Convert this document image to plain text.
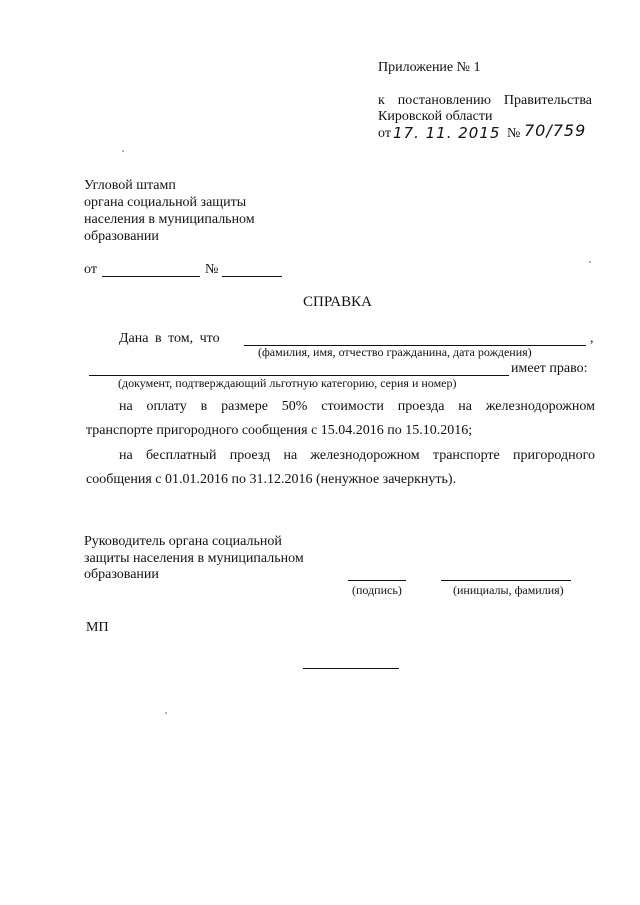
Приложение № 1
к постановлению Правительства
Кировской области
от 17. 11. 2015 № 70/759
Угловой штамп
органа социальной защиты
населения в муниципальном
образовании
от	№
СПРАВКА
Дана в том, что	,
(фамилия, имя, отчество гражданина, дата рождения)
имеет право:
(документ, подтверждающий льготную категорию, серия и номер)
на оплату в размере 50% стоимости проезда на железнодорожном
транспорте пригородного сообщения с 15.04.2016 по 15.10.2016;
на бесплатный проезд на железнодорожном транспорте пригородного
сообщения с 01.01.2016 по 31.12.2016 (ненужное зачеркнуть).
Руководитель органа социальной
защиты населения в муниципальном
образовании
(подпись)	(инициалы, фамилия)
МП
